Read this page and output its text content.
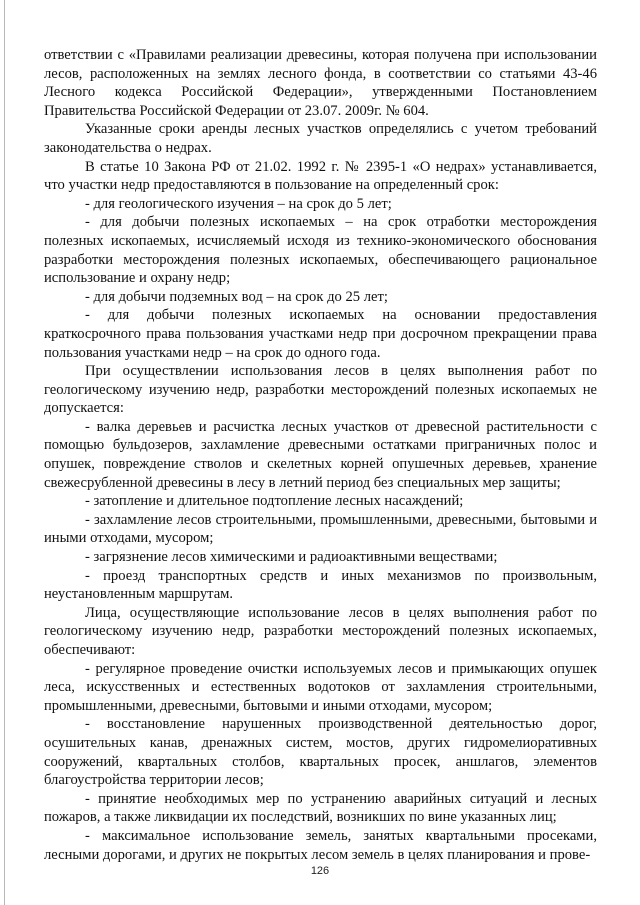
ответствии с «Правилами реализации древесины, которая получена при использовании лесов, расположенных на землях лесного фонда, в соответствии со статьями 43-46 Лесного кодекса Российской Федерации», утвержденными Постановлением Правительства Российской Федерации от 23.07. 2009г. № 604.

Указанные сроки аренды лесных участков определялись с учетом требований законодательства о недрах.

В статье 10 Закона РФ от 21.02. 1992 г. № 2395-1 «О недрах» устанавливается, что участки недр предоставляются в пользование на определенный срок:

- для геологического изучения – на срок до 5 лет;

- для добычи полезных ископаемых – на срок отработки месторождения полезных ископаемых, исчисляемый исходя из технико-экономического обоснования разработки месторождения полезных ископаемых, обеспечивающего рациональное использование и охрану недр;

- для добычи подземных вод – на срок до 25 лет;

- для добычи полезных ископаемых на основании предоставления краткосрочного права пользования участками недр при досрочном прекращении права пользования участками недр – на срок до одного года.

При осуществлении использования лесов в целях выполнения работ по геологическому изучению недр, разработки месторождений полезных ископаемых не допускается:

- валка деревьев и расчистка лесных участков от древесной растительности с помощью бульдозеров, захламление древесными остатками приграничных полос и опушек, повреждение стволов и скелетных корней опушечных деревьев, хранение свежесрубленной древесины в лесу в летний период без специальных мер защиты;

- затопление и длительное подтопление лесных насаждений;

- захламление лесов строительными, промышленными, древесными, бытовыми и иными отходами, мусором;

- загрязнение лесов химическими и радиоактивными веществами;

- проезд транспортных средств и иных механизмов по произвольным, неустановленным маршрутам.

Лица, осуществляющие использование лесов в целях выполнения работ по геологическому изучению недр, разработки месторождений полезных ископаемых, обеспечивают:

- регулярное проведение очистки используемых лесов и примыкающих опушек леса, искусственных и естественных водотоков от захламления строительными, промышленными, древесными, бытовыми и иными отходами, мусором;

- восстановление нарушенных производственной деятельностью дорог, осушительных канав, дренажных систем, мостов, других гидромелиоративных сооружений, квартальных столбов, квартальных просек, аншлагов, элементов благоустройства территории лесов;

- принятие необходимых мер по устранению аварийных ситуаций и лесных пожаров, а также ликвидации их последствий, возникших по вине указанных лиц;

- максимальное использование земель, занятых квартальными просеками, лесными дорогами, и других не покрытых лесом земель в целях планирования и прове-

126
